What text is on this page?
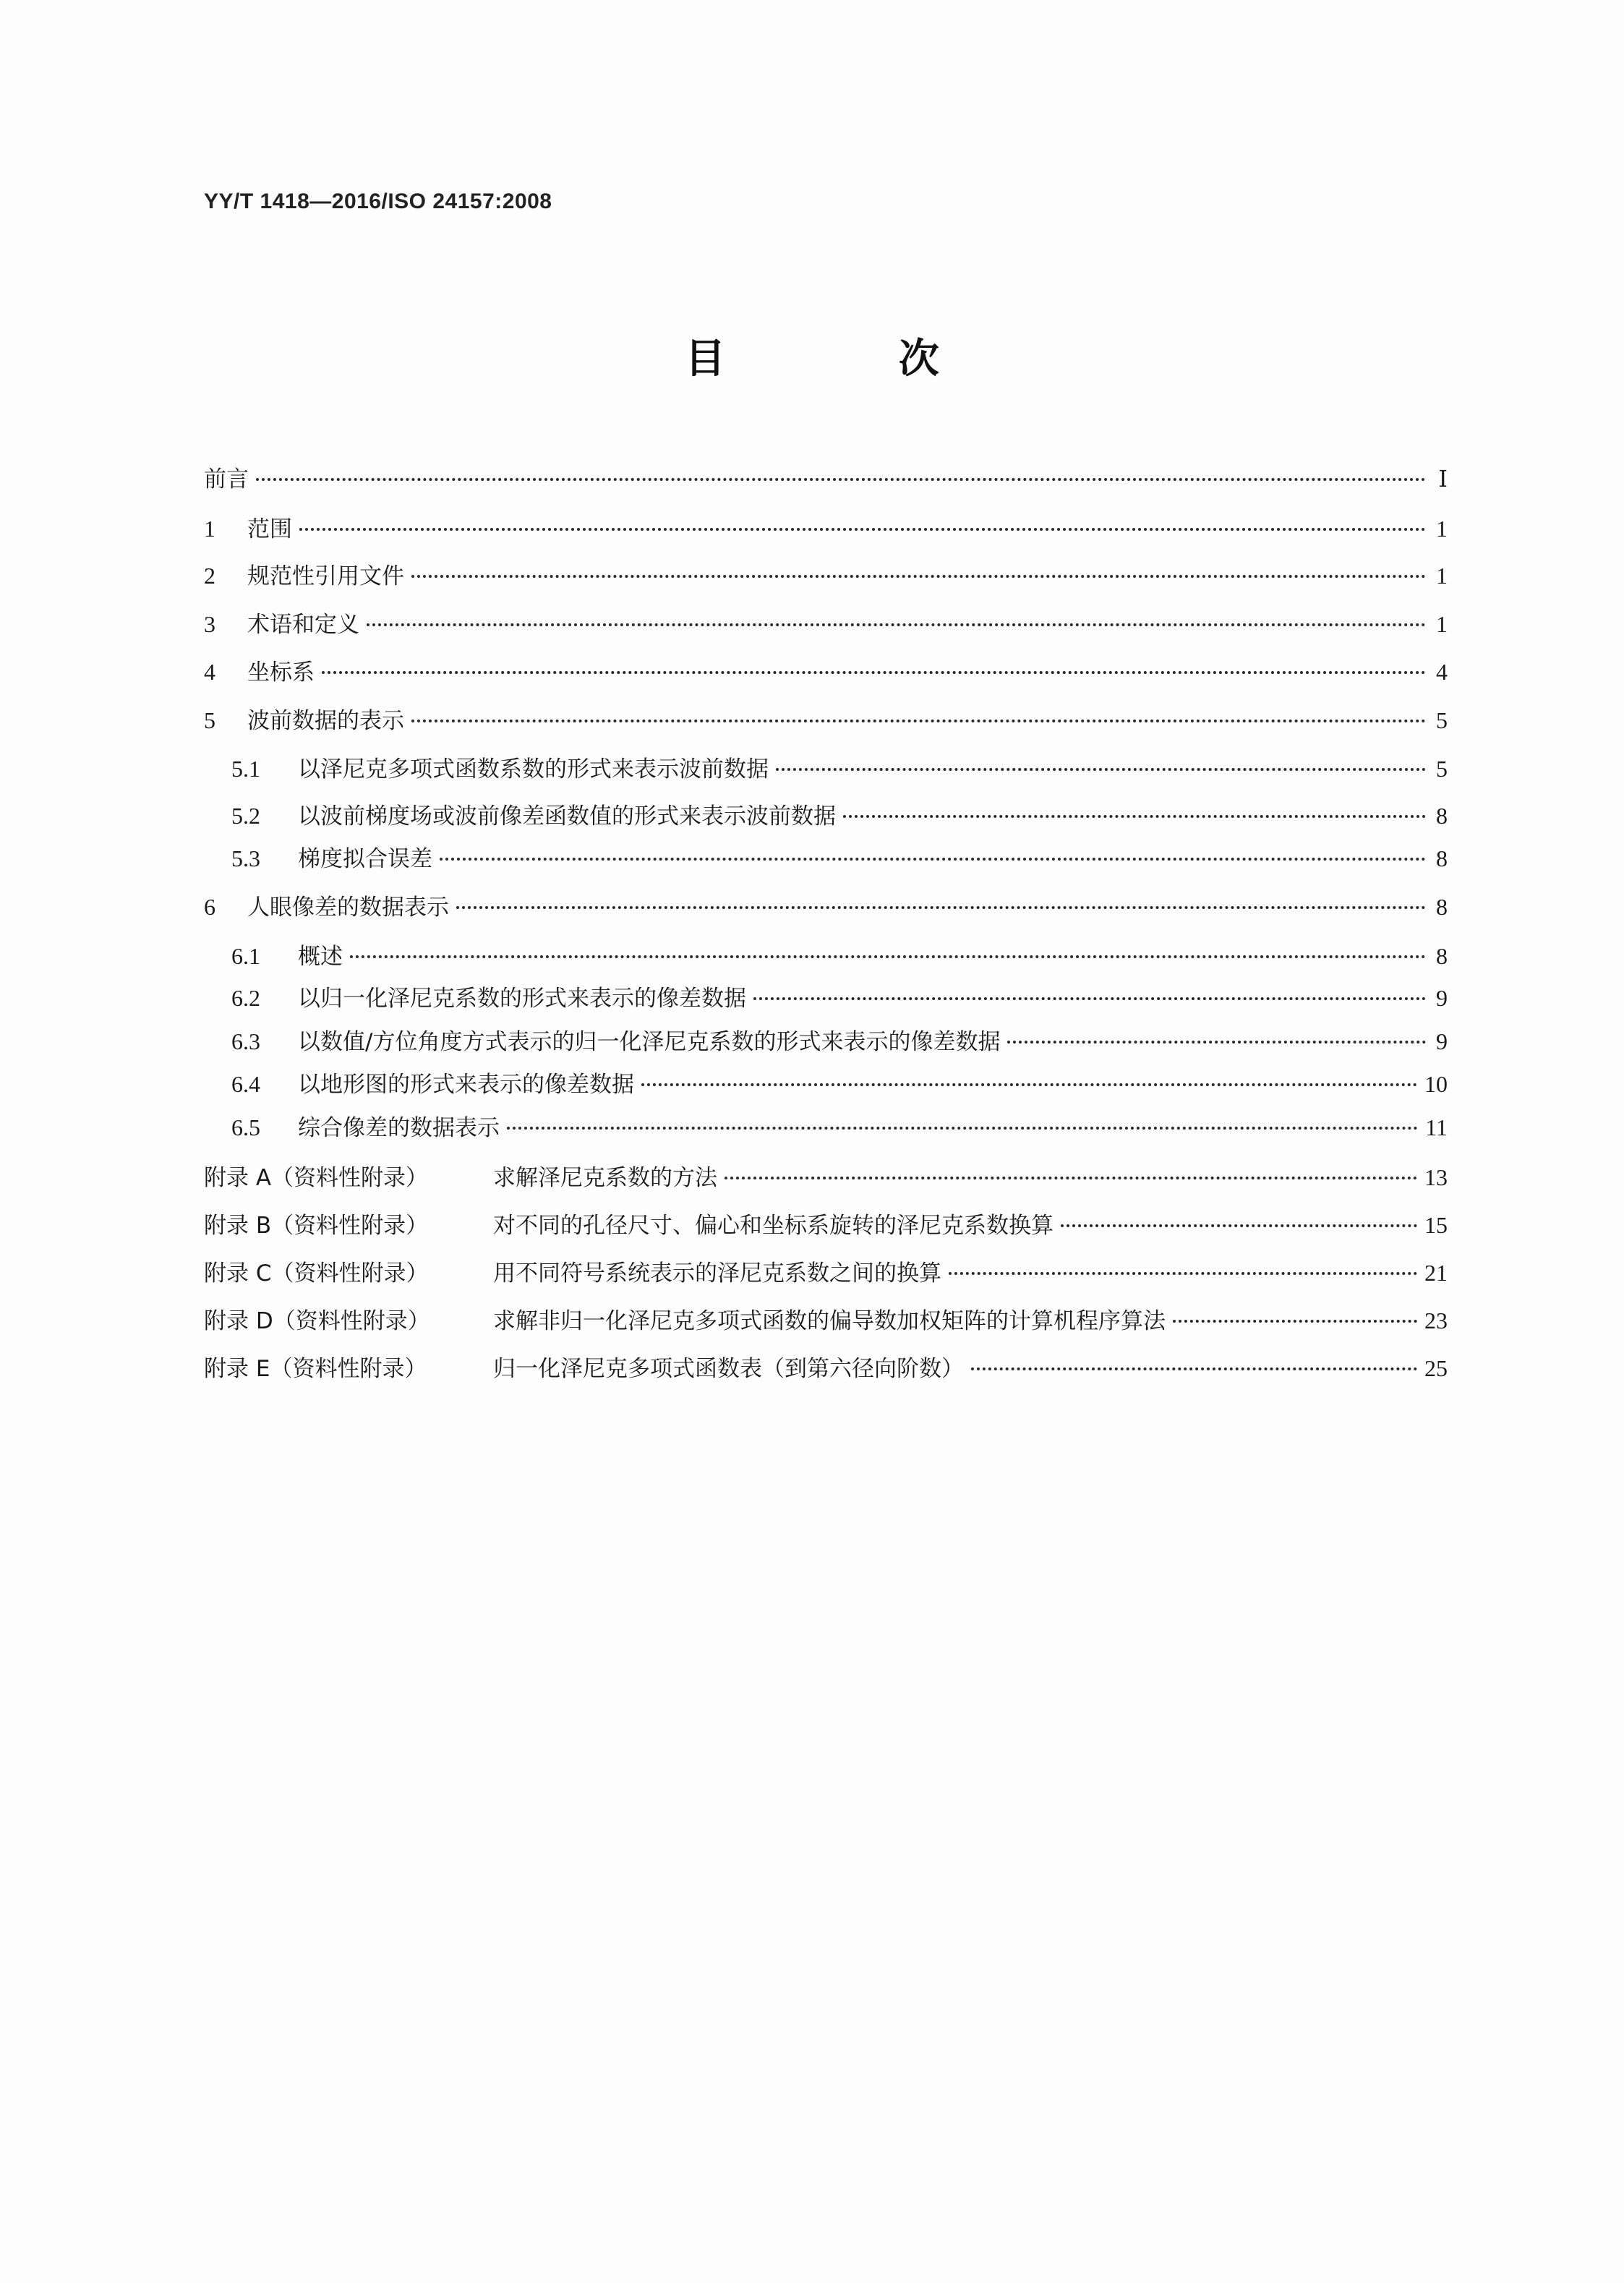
YY/T 1418—2016/ISO 24157:2008
目 次
前言	Ⅰ
1	范围	1
2	规范性引用文件	1
3	术语和定义	1
4	坐标系	4
5	波前数据的表示	5
5.1	以泽尼克多项式函数系数的形式来表示波前数据	5
5.2	以波前梯度场或波前像差函数值的形式来表示波前数据	8
5.3	梯度拟合误差	8
6	人眼像差的数据表示	8
6.1	概述	8
6.2	以归一化泽尼克系数的形式来表示的像差数据	9
6.3	以数值/方位角度方式表示的归一化泽尼克系数的形式来表示的像差数据	9
6.4	以地形图的形式来表示的像差数据	10
6.5	综合像差的数据表示	11
附录 A（资料性附录）	求解泽尼克系数的方法	13
附录 B（资料性附录）	对不同的孔径尺寸、偏心和坐标系旋转的泽尼克系数换算	15
附录 C（资料性附录）	用不同符号系统表示的泽尼克系数之间的换算	21
附录 D（资料性附录）	求解非归一化泽尼克多项式函数的偏导数加权矩阵的计算机程序算法	23
附录 E（资料性附录）	归一化泽尼克多项式函数表（到第六径向阶数）	25
